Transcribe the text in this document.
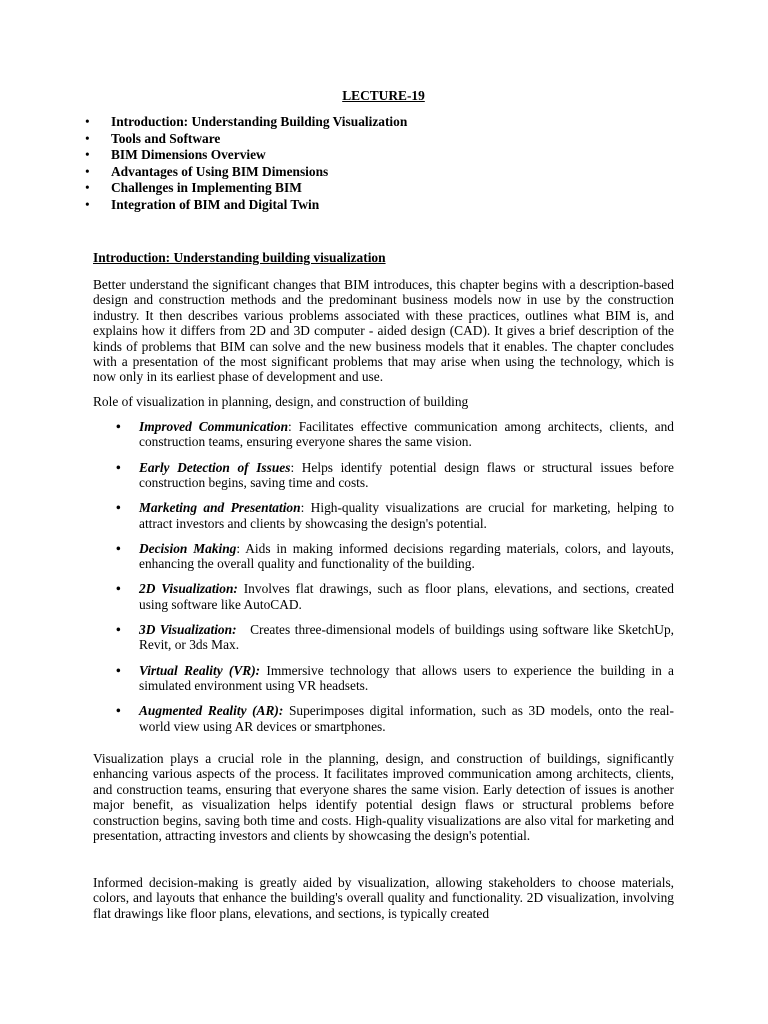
LECTURE-19
• Introduction: Understanding Building Visualization
• Tools and Software
• BIM Dimensions Overview
• Advantages of Using BIM Dimensions
• Challenges in Implementing BIM
• Integration of BIM and Digital Twin
Introduction: Understanding building visualization

Better understand the significant changes that BIM introduces, this chapter begins with a description-based design and construction methods and the predominant business models now in use by the construction industry. It then describes various problems associated with these practices, outlines what BIM is, and explains how it differs from 2D and 3D computer - aided design (CAD). It gives a brief description of the kinds of problems that BIM can solve and the new business models that it enables. The chapter concludes with a presentation of the most significant problems that may arise when using the technology, which is now only in its earliest phase of development and use.

Role of visualization in planning, design, and construction of building

• Improved Communication: Facilitates effective communication among architects, clients, and construction teams, ensuring everyone shares the same vision.
• Early Detection of Issues: Helps identify potential design flaws or structural issues before construction begins, saving time and costs.
• Marketing and Presentation: High-quality visualizations are crucial for marketing, helping to attract investors and clients by showcasing the design's potential.
• Decision Making: Aids in making informed decisions regarding materials, colors, and layouts, enhancing the overall quality and functionality of the building.
• 2D Visualization: Involves flat drawings, such as floor plans, elevations, and sections, created using software like AutoCAD.
• 3D Visualization: Creates three-dimensional models of buildings using software like SketchUp, Revit, or 3ds Max.
• Virtual Reality (VR): Immersive technology that allows users to experience the building in a simulated environment using VR headsets.
• Augmented Reality (AR): Superimposes digital information, such as 3D models, onto the real-world view using AR devices or smartphones.

Visualization plays a crucial role in the planning, design, and construction of buildings, significantly enhancing various aspects of the process. It facilitates improved communication among architects, clients, and construction teams, ensuring that everyone shares the same vision. Early detection of issues is another major benefit, as visualization helps identify potential design flaws or structural problems before construction begins, saving both time and costs. High-quality visualizations are also vital for marketing and presentation, attracting investors and clients by showcasing the design's potential.

Informed decision-making is greatly aided by visualization, allowing stakeholders to choose materials, colors, and layouts that enhance the building's overall quality and functionality. 2D visualization, involving flat drawings like floor plans, elevations, and sections, is typically created
